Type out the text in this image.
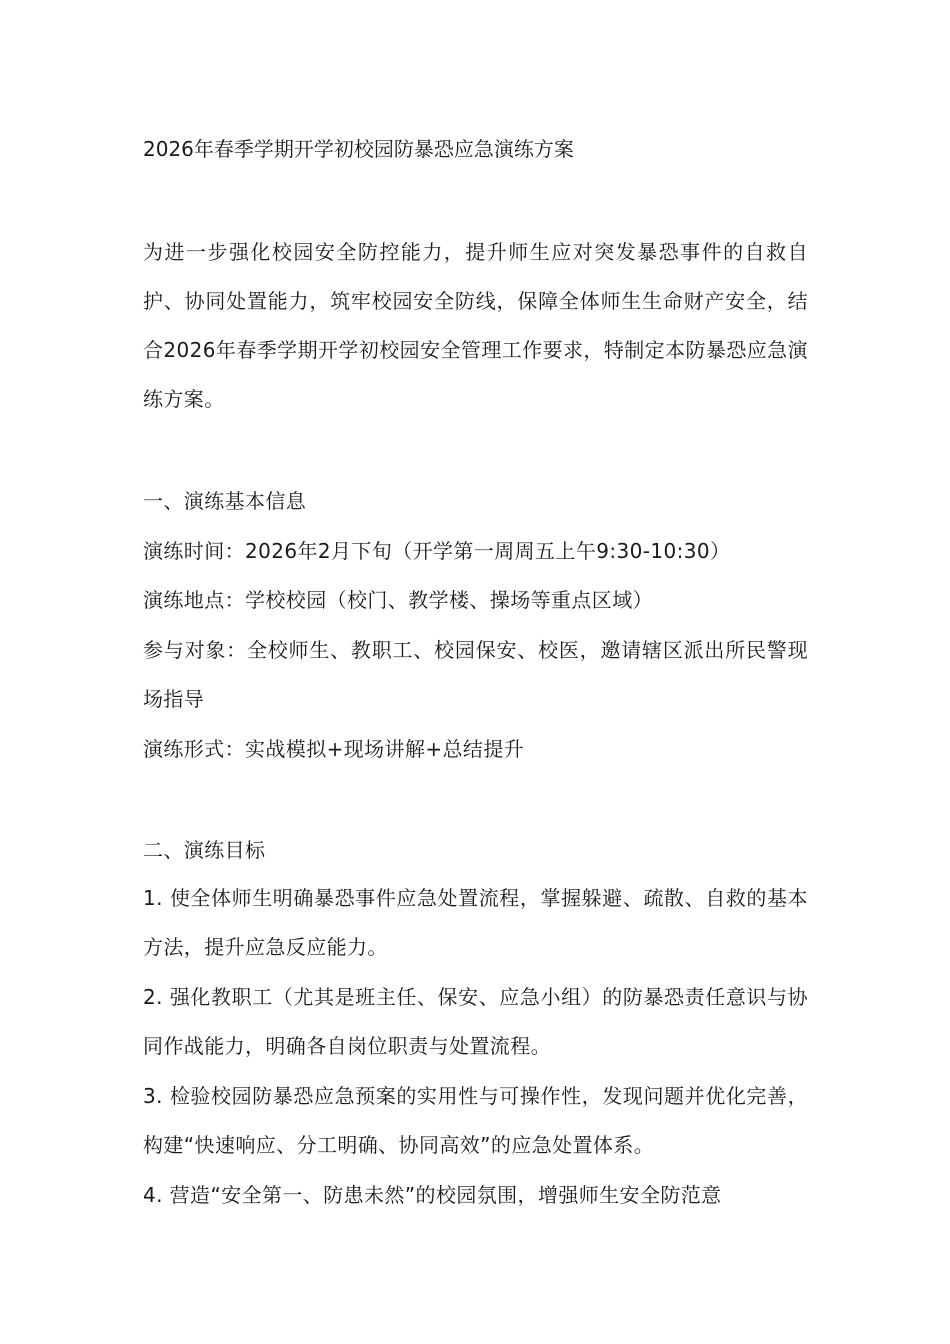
2026年春季学期开学初校园防暴恐应急演练方案
为进一步强化校园安全防控能力，提升师生应对突发暴恐事件的自救自护、协同处置能力，筑牢校园安全防线，保障全体师生生命财产安全，结合2026年春季学期开学初校园安全管理工作要求，特制定本防暴恐应急演练方案。
一、演练基本信息
演练时间：2026年2月下旬（开学第一周周五上午9:30-10:30）
演练地点：学校校园（校门、教学楼、操场等重点区域）
参与对象：全校师生、教职工、校园保安、校医，邀请辖区派出所民警现场指导
演练形式：实战模拟+现场讲解+总结提升
二、演练目标
1. 使全体师生明确暴恐事件应急处置流程，掌握躲避、疏散、自救的基本方法，提升应急反应能力。
2. 强化教职工（尤其是班主任、保安、应急小组）的防暴恐责任意识与协同作战能力，明确各自岗位职责与处置流程。
3. 检验校园防暴恐应急预案的实用性与可操作性，发现问题并优化完善，构建“快速响应、分工明确、协同高效”的应急处置体系。
4. 营造“安全第一、防患未然”的校园氛围，增强师生安全防范意
